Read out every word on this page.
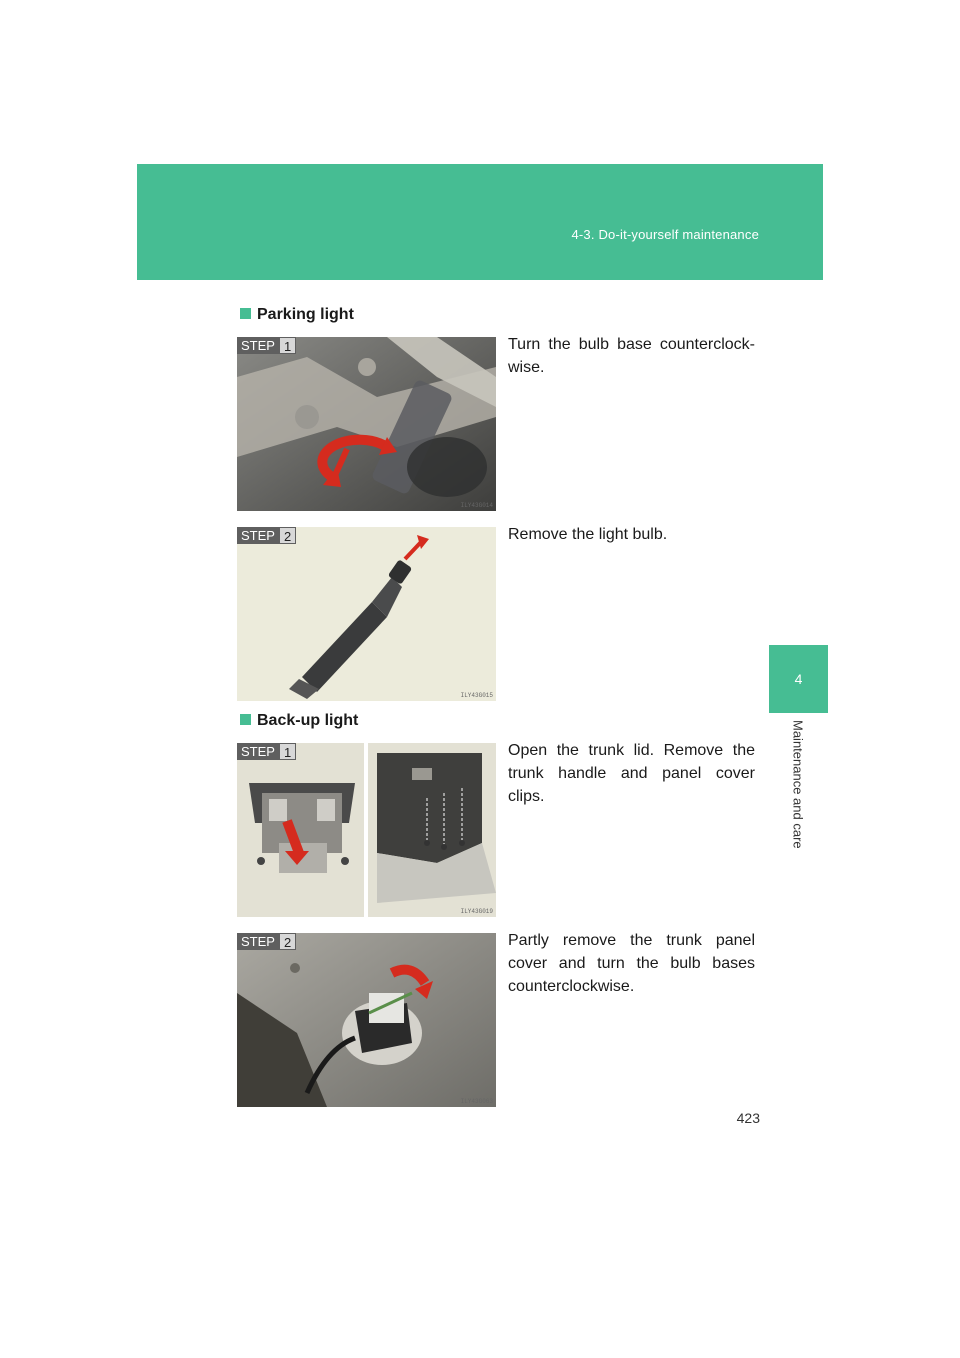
4-3. Do-it-yourself maintenance
4
Maintenance and care
Parking light
STEP 1
ILY43G014
Turn the bulb base counterclock-wise.
STEP 2
ILY43G015
Remove the light bulb.
Back-up light
STEP 1
ILY43G019
Open the trunk lid. Remove the trunk handle and panel cover clips.
STEP 2
ILY43G063
Partly remove the trunk panel cover and turn the bulb bases counterclockwise.
423
